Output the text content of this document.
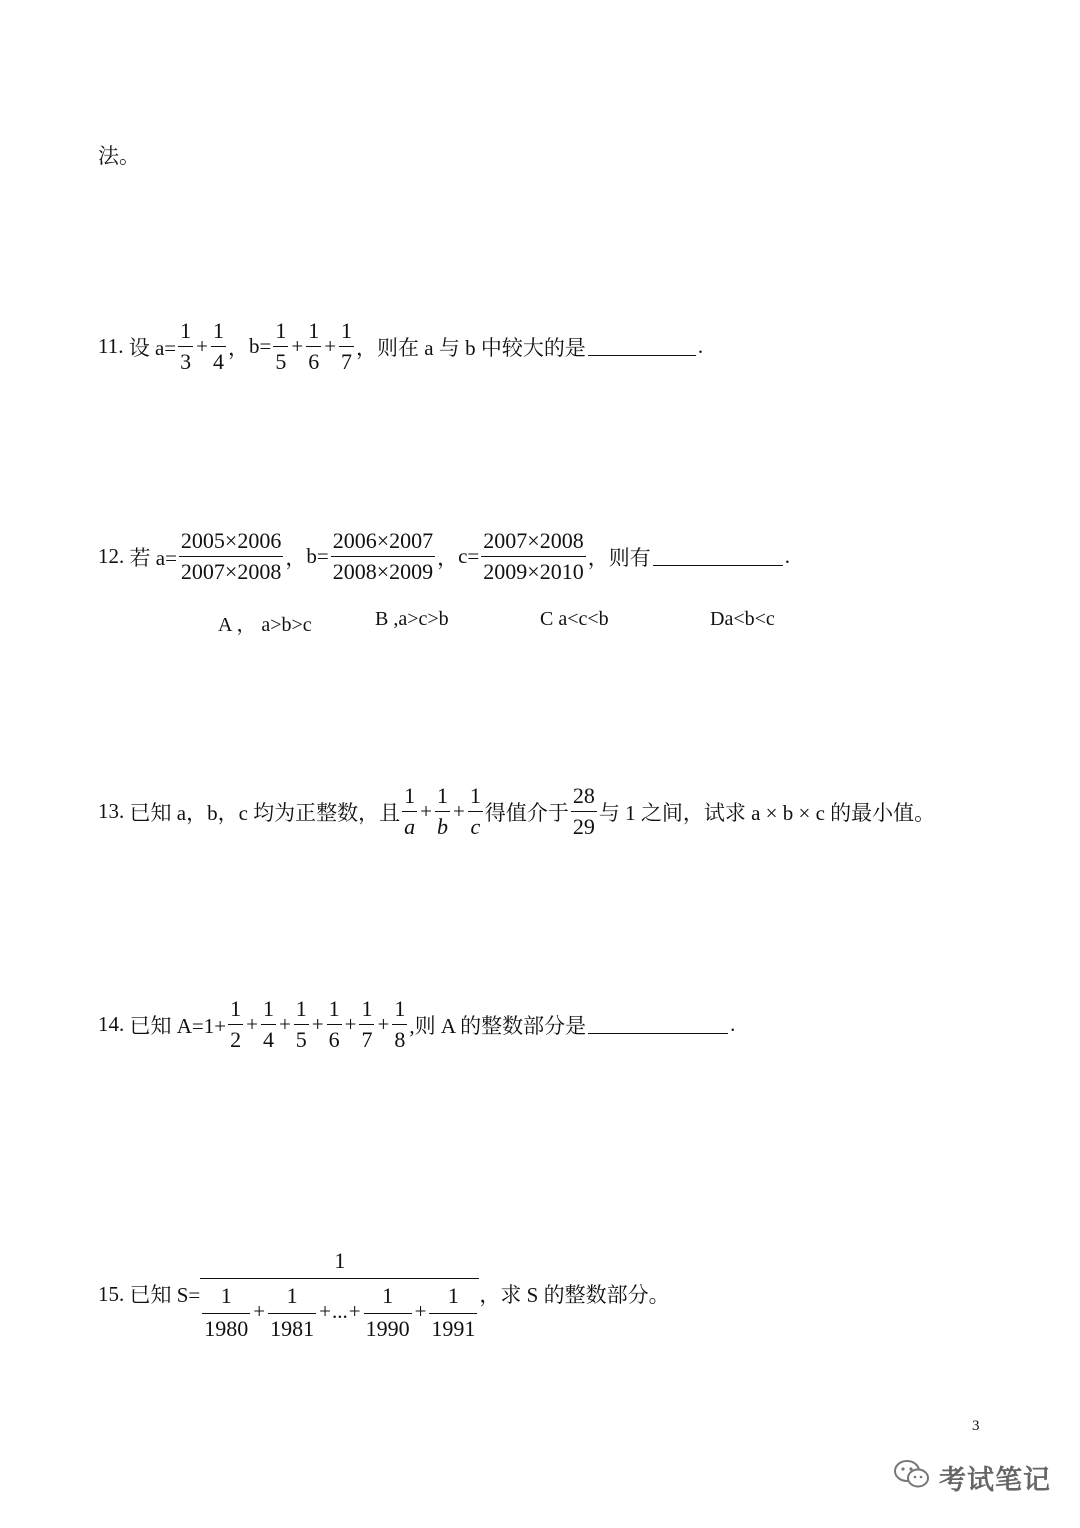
法。
11.
设 $a= \frac{1}{3} + \frac{1}{4}$ ， $b= \frac{1}{5} + \frac{1}{6} + \frac{1}{7}$ ，则在 a 与 b 中较大的是	.
12.
若 $a= \frac{2005\times 2006}{2007\times 2008}$ ， $b= \frac{2006\times 2007}{2008\times 2009}$ ， $c= \frac{2007\times 2008}{2009\times 2010}$ ， 则有	.
A ， a>b>c	B ,a>c>b	C a<c<b	Da<b<c
13.
已知 a，b，c 均为正整数，且 $\frac{1}{a} + \frac{1}{b} + \frac{1}{c}$ 得值介于 $\frac{28}{29}$ 与 1 之间，试求 a × b × c 的最小值。
14.
已知 $A=1+ \frac{1}{2} + \frac{1}{4} + \frac{1}{5} + \frac{1}{6} + \frac{1}{7} + \frac{1}{8}$ ,则 A 的整数部分是	.
15.
已知 S=
1
$\frac{1}{1980} + \frac{1}{1981}$ + ... + $\frac{1}{1990} + \frac{1}{1991}$ ，求 S 的整数部分。
3
考试笔记
